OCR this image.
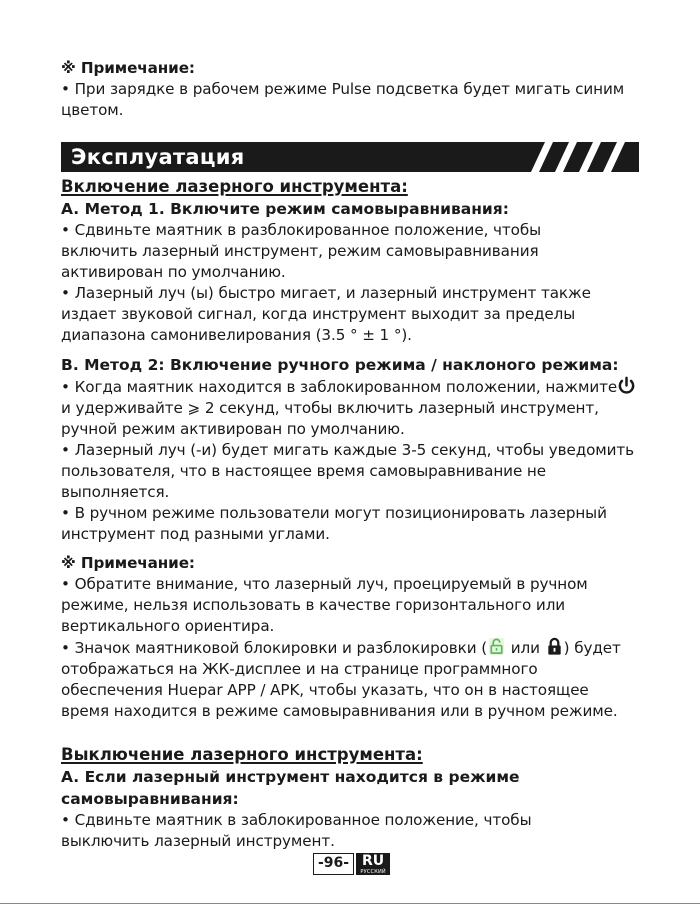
※ Примечание:

• При зарядке в рабочем режиме Pulse подсветка будет мигать синим

цветом.

Эксплуатация

Включение лазерного инструмента:

A. Метод 1. Включите режим самовыравнивания:

• Сдвиньте маятник в разблокированное положение, чтобы

включить лазерный инструмент, режим самовыравнивания

активирован по умолчанию.

• Лазерный луч (ы) быстро мигает, и лазерный инструмент также

издает звуковой сигнал, когда инструмент выходит за пределы

диапазона самонивелирования (3.5 ° ± 1 °).

B. Метод 2: Включение ручного режима / наклоного режима:

• Когда маятник находится в заблокированном положении, нажмите

и удерживайте ⩾ 2 секунд, чтобы включить лазерный инструмент,

ручной режим активирован по умолчанию.

• Лазерный луч (-и) будет мигать каждые 3-5 секунд, чтобы уведомить

пользователя, что в настоящее время самовыравнивание не

выполняется.

• В ручном режиме пользователи могут позиционировать лазерный

инструмент под разными углами.

※ Примечание:

• Обратите внимание, что лазерный луч, проецируемый в ручном

режиме, нельзя использовать в качестве горизонтального или

вертикального ориентира.

• Значок маятниковой блокировки и разблокировки ( или ) будет

отображаться на ЖК-дисплее и на странице программного

обеспечения Huepar APP / APK, чтобы указать, что он в настоящее

время находится в режиме самовыравнивания или в ручном режиме.

Выключение лазерного инструмента:

A. Если лазерный инструмент находится в режиме

самовыравнивания:

• Сдвиньте маятник в заблокированное положение, чтобы

выключить лазерный инструмент.

-96- RU
РУССКИЙ
